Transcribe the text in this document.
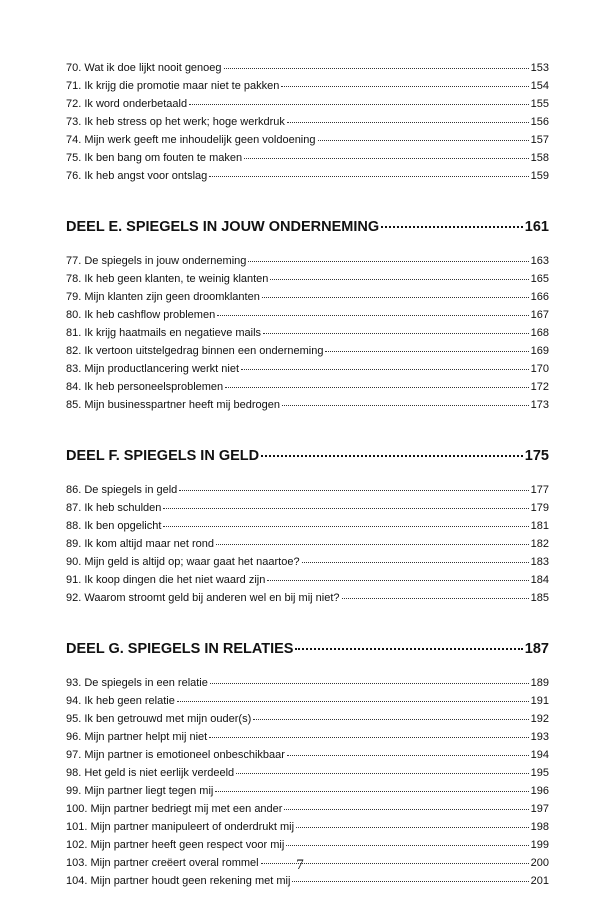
70. Wat ik doe lijkt nooit genoeg	153
71. Ik krijg die promotie maar niet te pakken	154
72. Ik word onderbetaald	155
73. Ik heb stress op het werk; hoge werkdruk	156
74. Mijn werk geeft me inhoudelijk geen voldoening	157
75. Ik ben bang om fouten te maken	158
76. Ik heb angst voor ontslag	159
DEEL E. SPIEGELS IN JOUW ONDERNEMING	161
77. De spiegels in jouw onderneming	163
78. Ik heb geen klanten, te weinig klanten	165
79. Mijn klanten zijn geen droomklanten	166
80. Ik heb cashflow problemen	167
81. Ik krijg haatmails en negatieve mails	168
82. Ik vertoon uitstelgedrag binnen een onderneming	169
83. Mijn productlancering werkt niet	170
84. Ik heb personeelsproblemen	172
85. Mijn businesspartner heeft mij bedrogen	173
DEEL F. SPIEGELS IN GELD	175
86. De spiegels in geld	177
87. Ik heb schulden	179
88. Ik ben opgelicht	181
89. Ik kom altijd maar net rond	182
90. Mijn geld is altijd op; waar gaat het naartoe?	183
91. Ik koop dingen die het niet waard zijn	184
92. Waarom stroomt geld bij anderen wel en bij mij niet?	185
DEEL G. SPIEGELS IN RELATIES	187
93. De spiegels in een relatie	189
94. Ik heb geen relatie	191
95. Ik ben getrouwd met mijn ouder(s)	192
96. Mijn partner helpt mij niet	193
97. Mijn partner is emotioneel onbeschikbaar	194
98. Het geld is niet eerlijk verdeeld	195
99. Mijn partner liegt tegen mij	196
100. Mijn partner bedriegt mij met een ander	197
101. Mijn partner manipuleert of onderdrukt mij	198
102. Mijn partner heeft geen respect voor mij	199
103. Mijn partner creëert overal rommel	200
104. Mijn partner houdt geen rekening met mij	201
7
